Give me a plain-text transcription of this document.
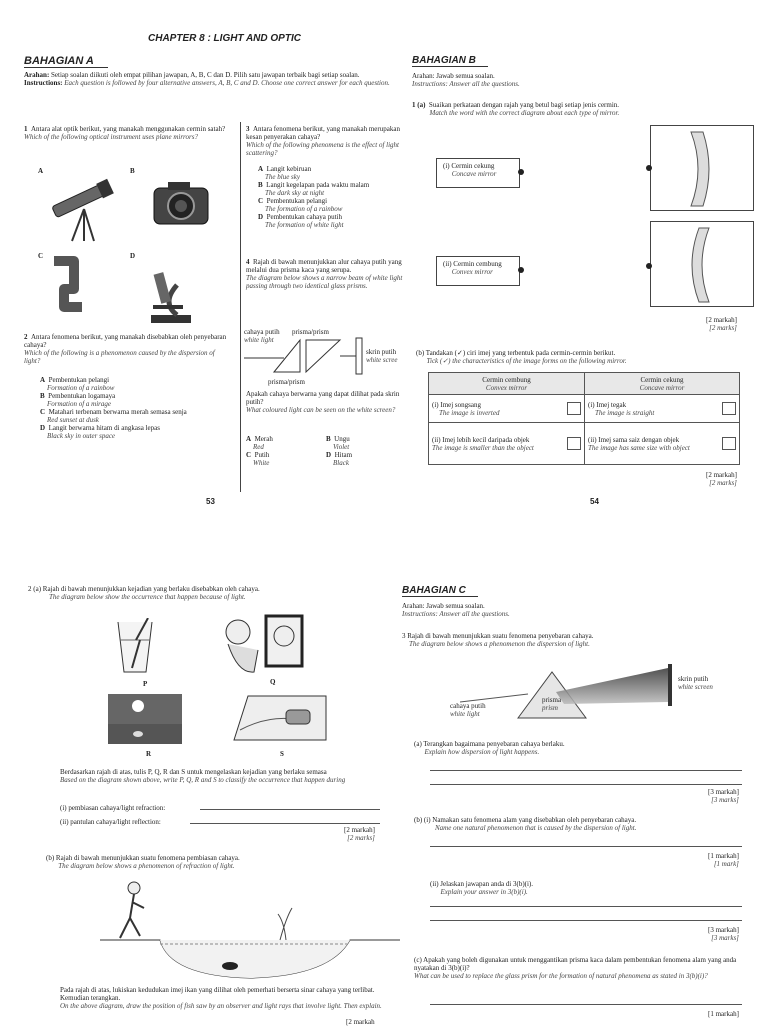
CHAPTER 8 : LIGHT AND OPTIC
BAHAGIAN A
Arahan: Setiap soalan diikuti oleh empat pilihan jawapan, A, B, C dan D. Pilih satu jawapan terbaik bagi setiap soalan.
Instructions: Each question is followed by four alternative answers, A, B, C and D. Choose one correct answer for each question.
1 Antara alat optik berikut, yang manakah menggunakan cermin satah?
Which of the following optical instrument uses plane mirrors?
A	B
C	D
2 Antara fenomena berikut, yang manakah disebabkan oleh penyebaran cahaya?
Which of the following is a phenomenon caused by the dispersion of light?
A Pembentukan pelangi
Formation of a rainbow
B Pembentukan logamaya
Formation of a mirage
C Matahari terbenam berwarna merah semasa senja
Red sunset at dusk
D Langit berwarna hitam di angkasa lepas
Black sky in outer space
3 Antara fenomena berikut, yang manakah merupakan kesan penyerakan cahaya?
Which of the following phenomena is the effect of light scattering?
A Langit kebiruan
The blue sky
B Langit kegelapan pada waktu malam
The dark sky at night
C Pembentukan pelangi
The formation of a rainbow
D Pembentukan cahaya putih
The formation of white light
4 Rajah di bawah menunjukkan alur cahaya putih yang melalui dua prisma kaca yang serupa.
The diagram below shows a narrow beam of white light passing through two identical glass prisms.
cahaya putih
white light
prisma/prism
prisma/prism
skrin putih
white scree
Apakah cahaya berwarna yang dapat dilihat pada skrin putih?
What coloured light can be seen on the white screen?
A Merah
Red	B Ungu
Violet
C Putih
White	D Hitam
Black
53
BAHAGIAN B
Arahan: Jawab semua soalan.
Instructions: Answer all the questions.
1 (a) Suaikan perkataan dengan rajah yang betul bagi setiap jenis cermin.
Match the word with the correct diagram about each type of mirror.
(i) Cermin cekung
Concave mirror
(ii) Cermin cembung
Convex mirror
[2 markah]
[2 marks]
(b) Tandakan (✓) ciri imej yang terbentuk pada cermin-cermin berikut.
Tick (✓) the characteristics of the image forms on the following mirror.
Cermin cembung
Convex mirror	Cermin cekung
Concave mirror

(i) Imej songsang
The image is inverted	(i) Imej tegak
The image is straight

(ii) Imej lebih kecil daripada objek
The image is smaller than the object	(ii) Imej sama saiz dengan objek
The image has same size with object
[2 markah]
[2 marks]
54
2 (a) Rajah di bawah menunjukkan kejadian yang berlaku disebabkan oleh cahaya.
The diagram below show the occurrence that happen because of light.
P	Q
R	S
Berdasarkan rajah di atas, tulis P, Q, R dan S untuk mengelaskan kejadian yang berlaku semasa
Based on the diagram shown above, write P, Q, R and S to classify the occurrence that happen during
(i) pembiasan cahaya/light refraction:
(ii) pantulan cahaya/light reflection:
[2 markah]
[2 marks]
(b) Rajah di bawah menunjukkan suatu fenomena pembiasan cahaya.
The diagram below shows a phenomenon of refraction of light.
Pada rajah di atas, lukiskan kedudukan imej ikan yang dilihat oleh pemerhati berserta sinar cahaya yang terlibat. Kemudian terangkan.
On the above diagram, draw the position of fish saw by an observer and light rays that involve light. Then explain.
[2 markah
BAHAGIAN C
Arahan: Jawab semua soalan.
Instructions: Answer all the questions.
3 Rajah di bawah menunjukkan suatu fenomena penyebaran cahaya.
The diagram below shows a phenomenon the dispersion of light.
skrin putih
white screen
cahaya putih
white light
prisma
prism
(a) Terangkan bagaimana penyebaran cahaya berlaku.
Explain how dispersion of light happens.
[3 markah]
[3 marks]
(b) (i) Namakan satu fenomena alam yang disebabkan oleh penyebaran cahaya.
Name one natural phenomenon that is caused by the dispersion of light.
[1 markah]
[1 mark]
(ii) Jelaskan jawapan anda di 3(b)(i).
Explain your answer in 3(b)(i).
[3 markah]
[3 marks]
(c) Apakah yang boleh digunakan untuk menggantikan prisma kaca dalam pembentukan fenomena alam yang anda nyatakan di 3(b)(i)?
What can be used to replace the glass prism for the formation of natural phenomena as stated in 3(b)(i)?
[1 markah]
